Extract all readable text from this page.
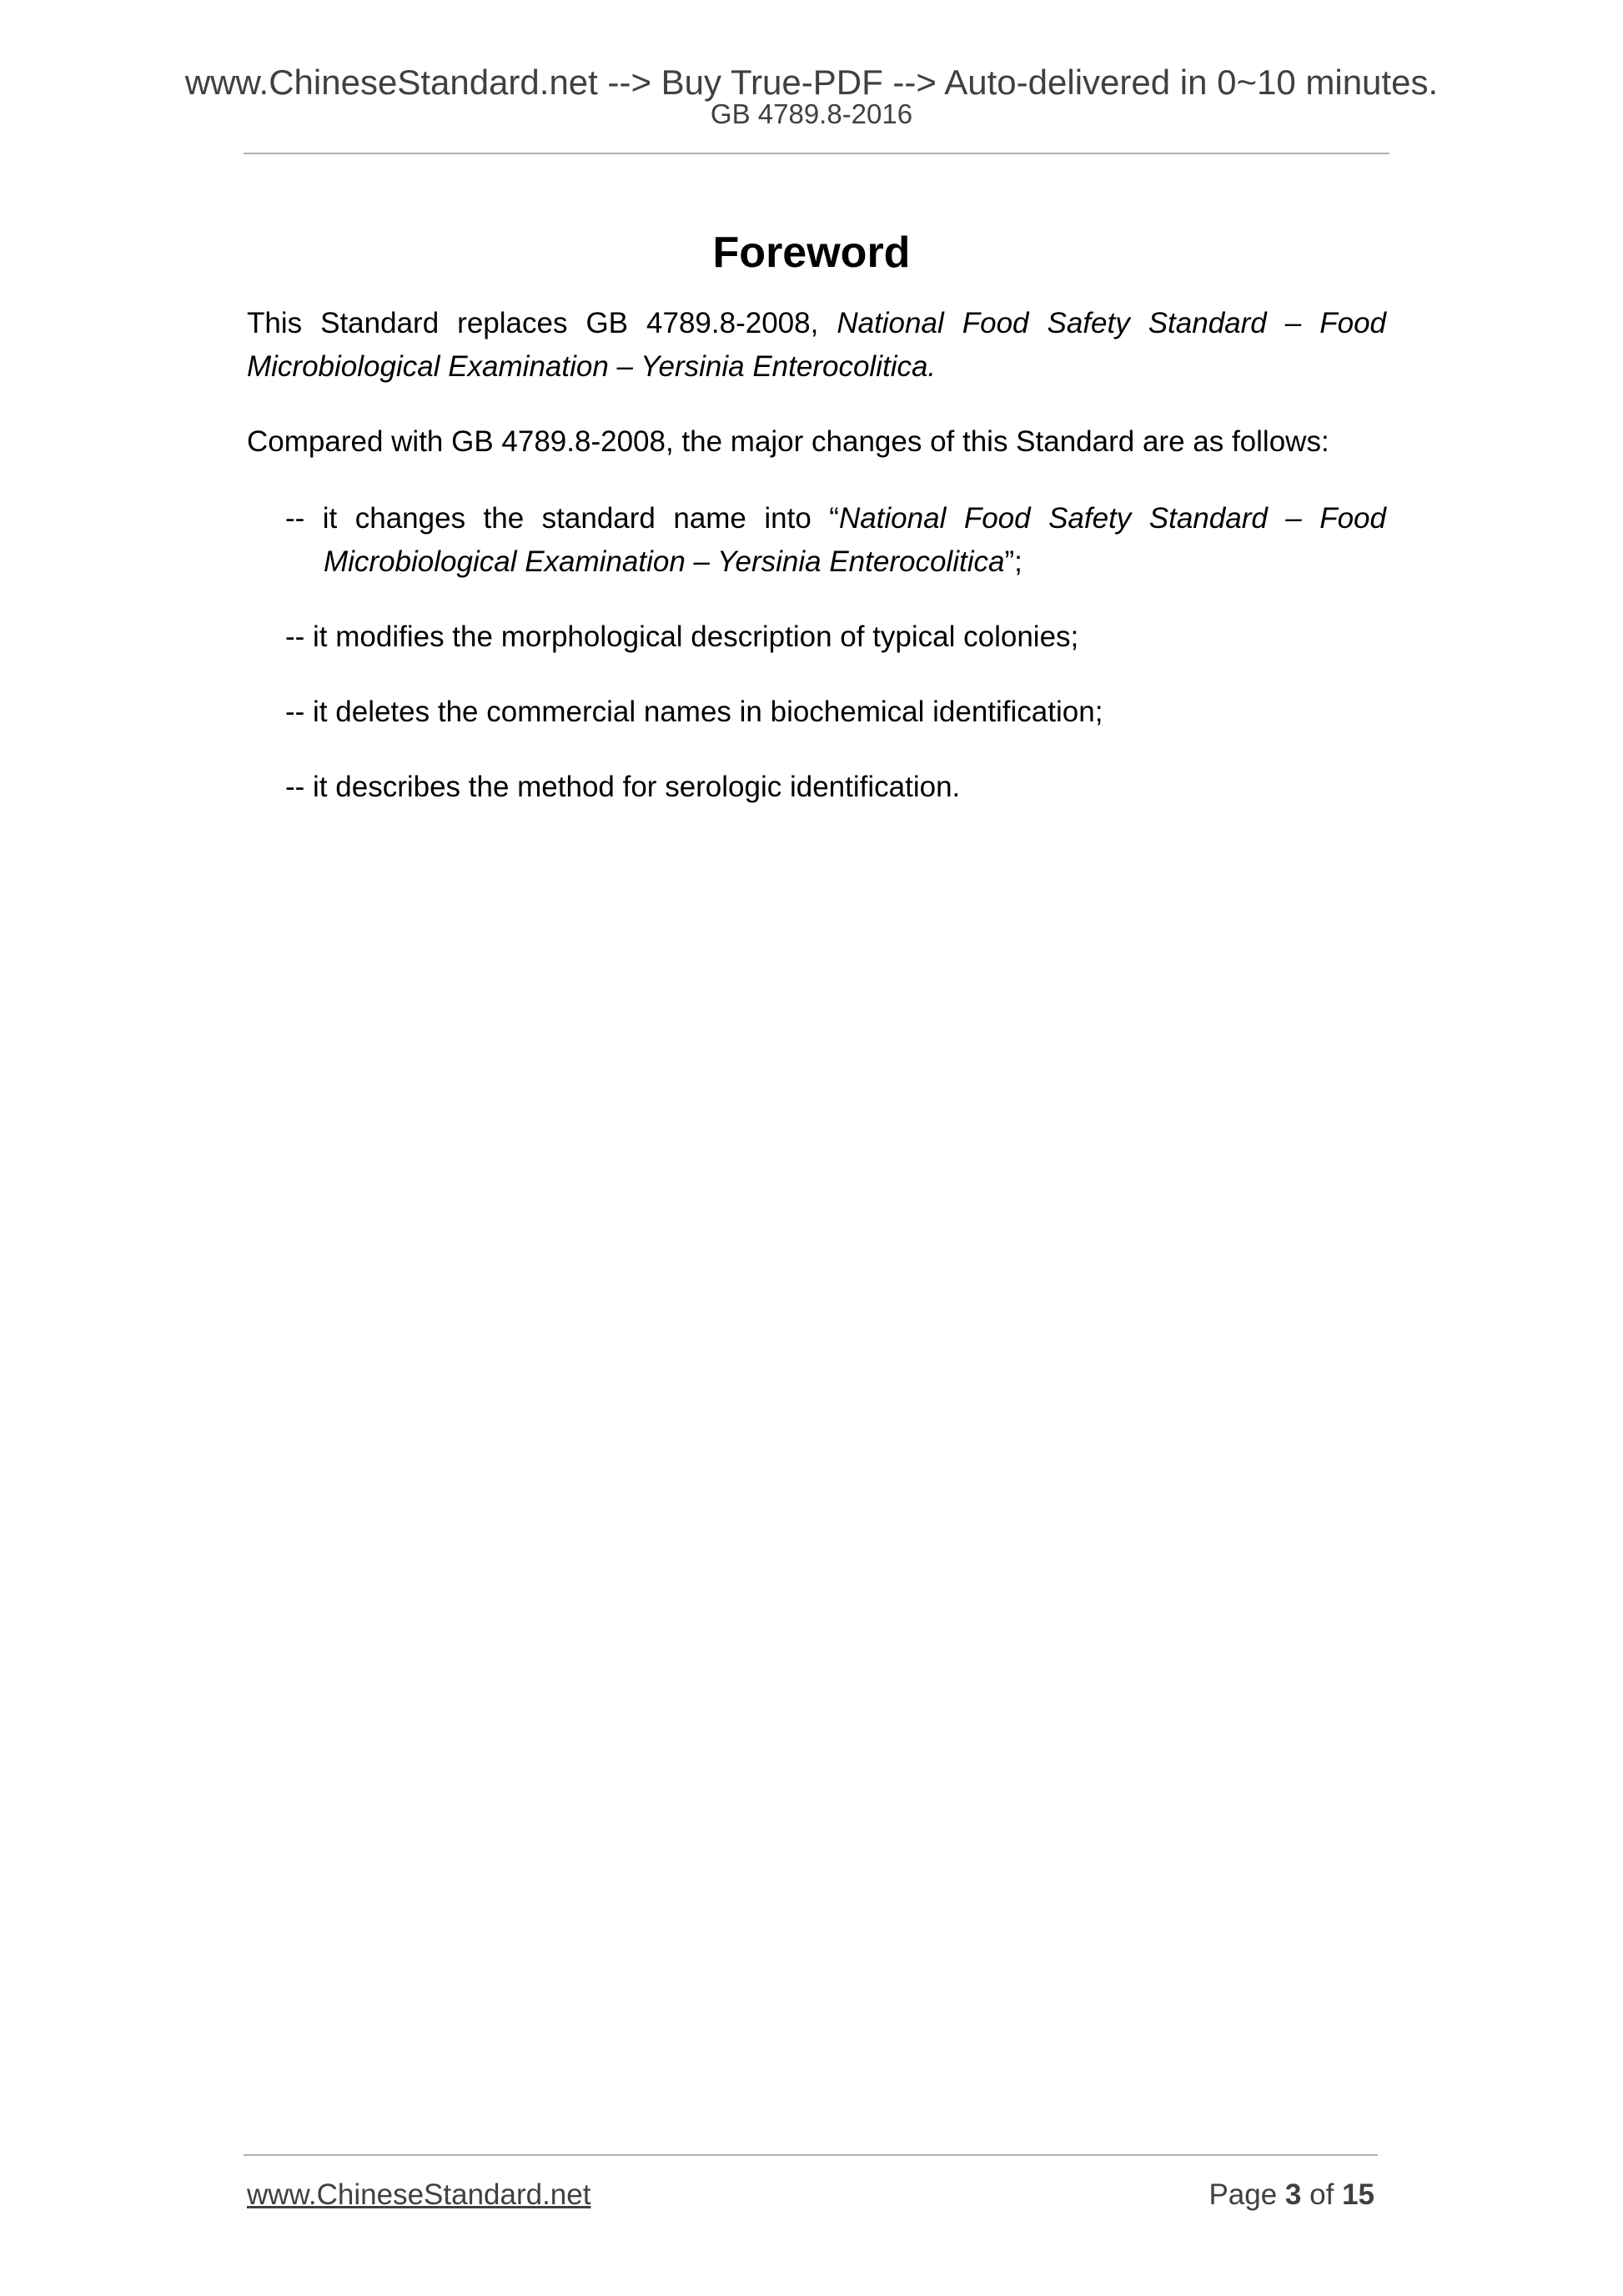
www.ChineseStandard.net --> Buy True-PDF --> Auto-delivered in 0~10 minutes.
GB 4789.8-2016
Foreword

This Standard replaces GB 4789.8-2008, National Food Safety Standard – Food Microbiological Examination – Yersinia Enterocolitica.

Compared with GB 4789.8-2008, the major changes of this Standard are as follows:

-- it changes the standard name into “National Food Safety Standard – Food Microbiological Examination – Yersinia Enterocolitica”;
-- it modifies the morphological description of typical colonies;
-- it deletes the commercial names in biochemical identification;
-- it describes the method for serologic identification.
www.ChineseStandard.net	Page 3 of 15
